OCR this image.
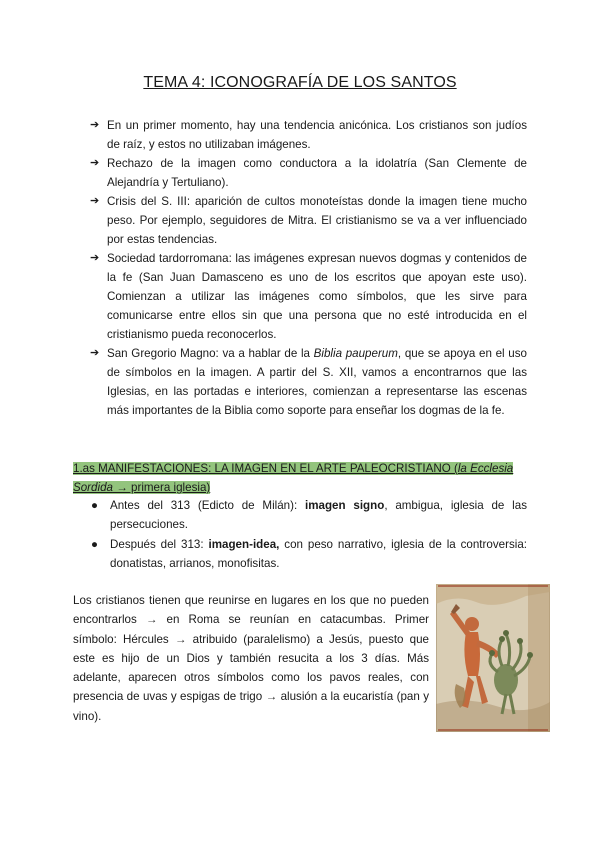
TEMA 4: ICONOGRAFÍA DE LOS SANTOS
➔ En un primer momento, hay una tendencia anicónica. Los cristianos son judíos de raíz, y estos no utilizaban imágenes.
➔ Rechazo de la imagen como conductora a la idolatría (San Clemente de Alejandría y Tertuliano).
➔ Crisis del S. III: aparición de cultos monoteístas donde la imagen tiene mucho peso. Por ejemplo, seguidores de Mitra. El cristianismo se va a ver influenciado por estas tendencias.
➔ Sociedad tardorromana: las imágenes expresan nuevos dogmas y contenidos de la fe (San Juan Damasceno es uno de los escritos que apoyan este uso). Comienzan a utilizar las imágenes como símbolos, que les sirve para comunicarse entre ellos sin que una persona que no esté introducida en el cristianismo pueda reconocerlos.
➔ San Gregorio Magno: va a hablar de la Biblia pauperum, que se apoya en el uso de símbolos en la imagen. A partir del S. XII, vamos a encontrarnos que las Iglesias, en las portadas e interiores, comienzan a representarse las escenas más importantes de la Biblia como soporte para enseñar los dogmas de la fe.
1.as MANIFESTACIONES: LA IMAGEN EN EL ARTE PALEOCRISTIANO (la Ecclesia Sordida → primera iglesia)
● Antes del 313 (Edicto de Milán): imagen signo, ambigua, iglesia de las persecuciones.
● Después del 313: imagen-idea, con peso narrativo, iglesia de la controversia: donatistas, arrianos, monofisitas.
Los cristianos tienen que reunirse en lugares en los que no pueden encontrarlos → en Roma se reunían en catacumbas. Primer símbolo: Hércules → atribuido (paralelismo) a Jesús, puesto que este es hijo de un Dios y también resucita a los 3 días. Más adelante, aparecen otros símbolos como los pavos reales, con presencia de uvas y espigas de trigo → alusión a la eucaristía (pan y vino).
